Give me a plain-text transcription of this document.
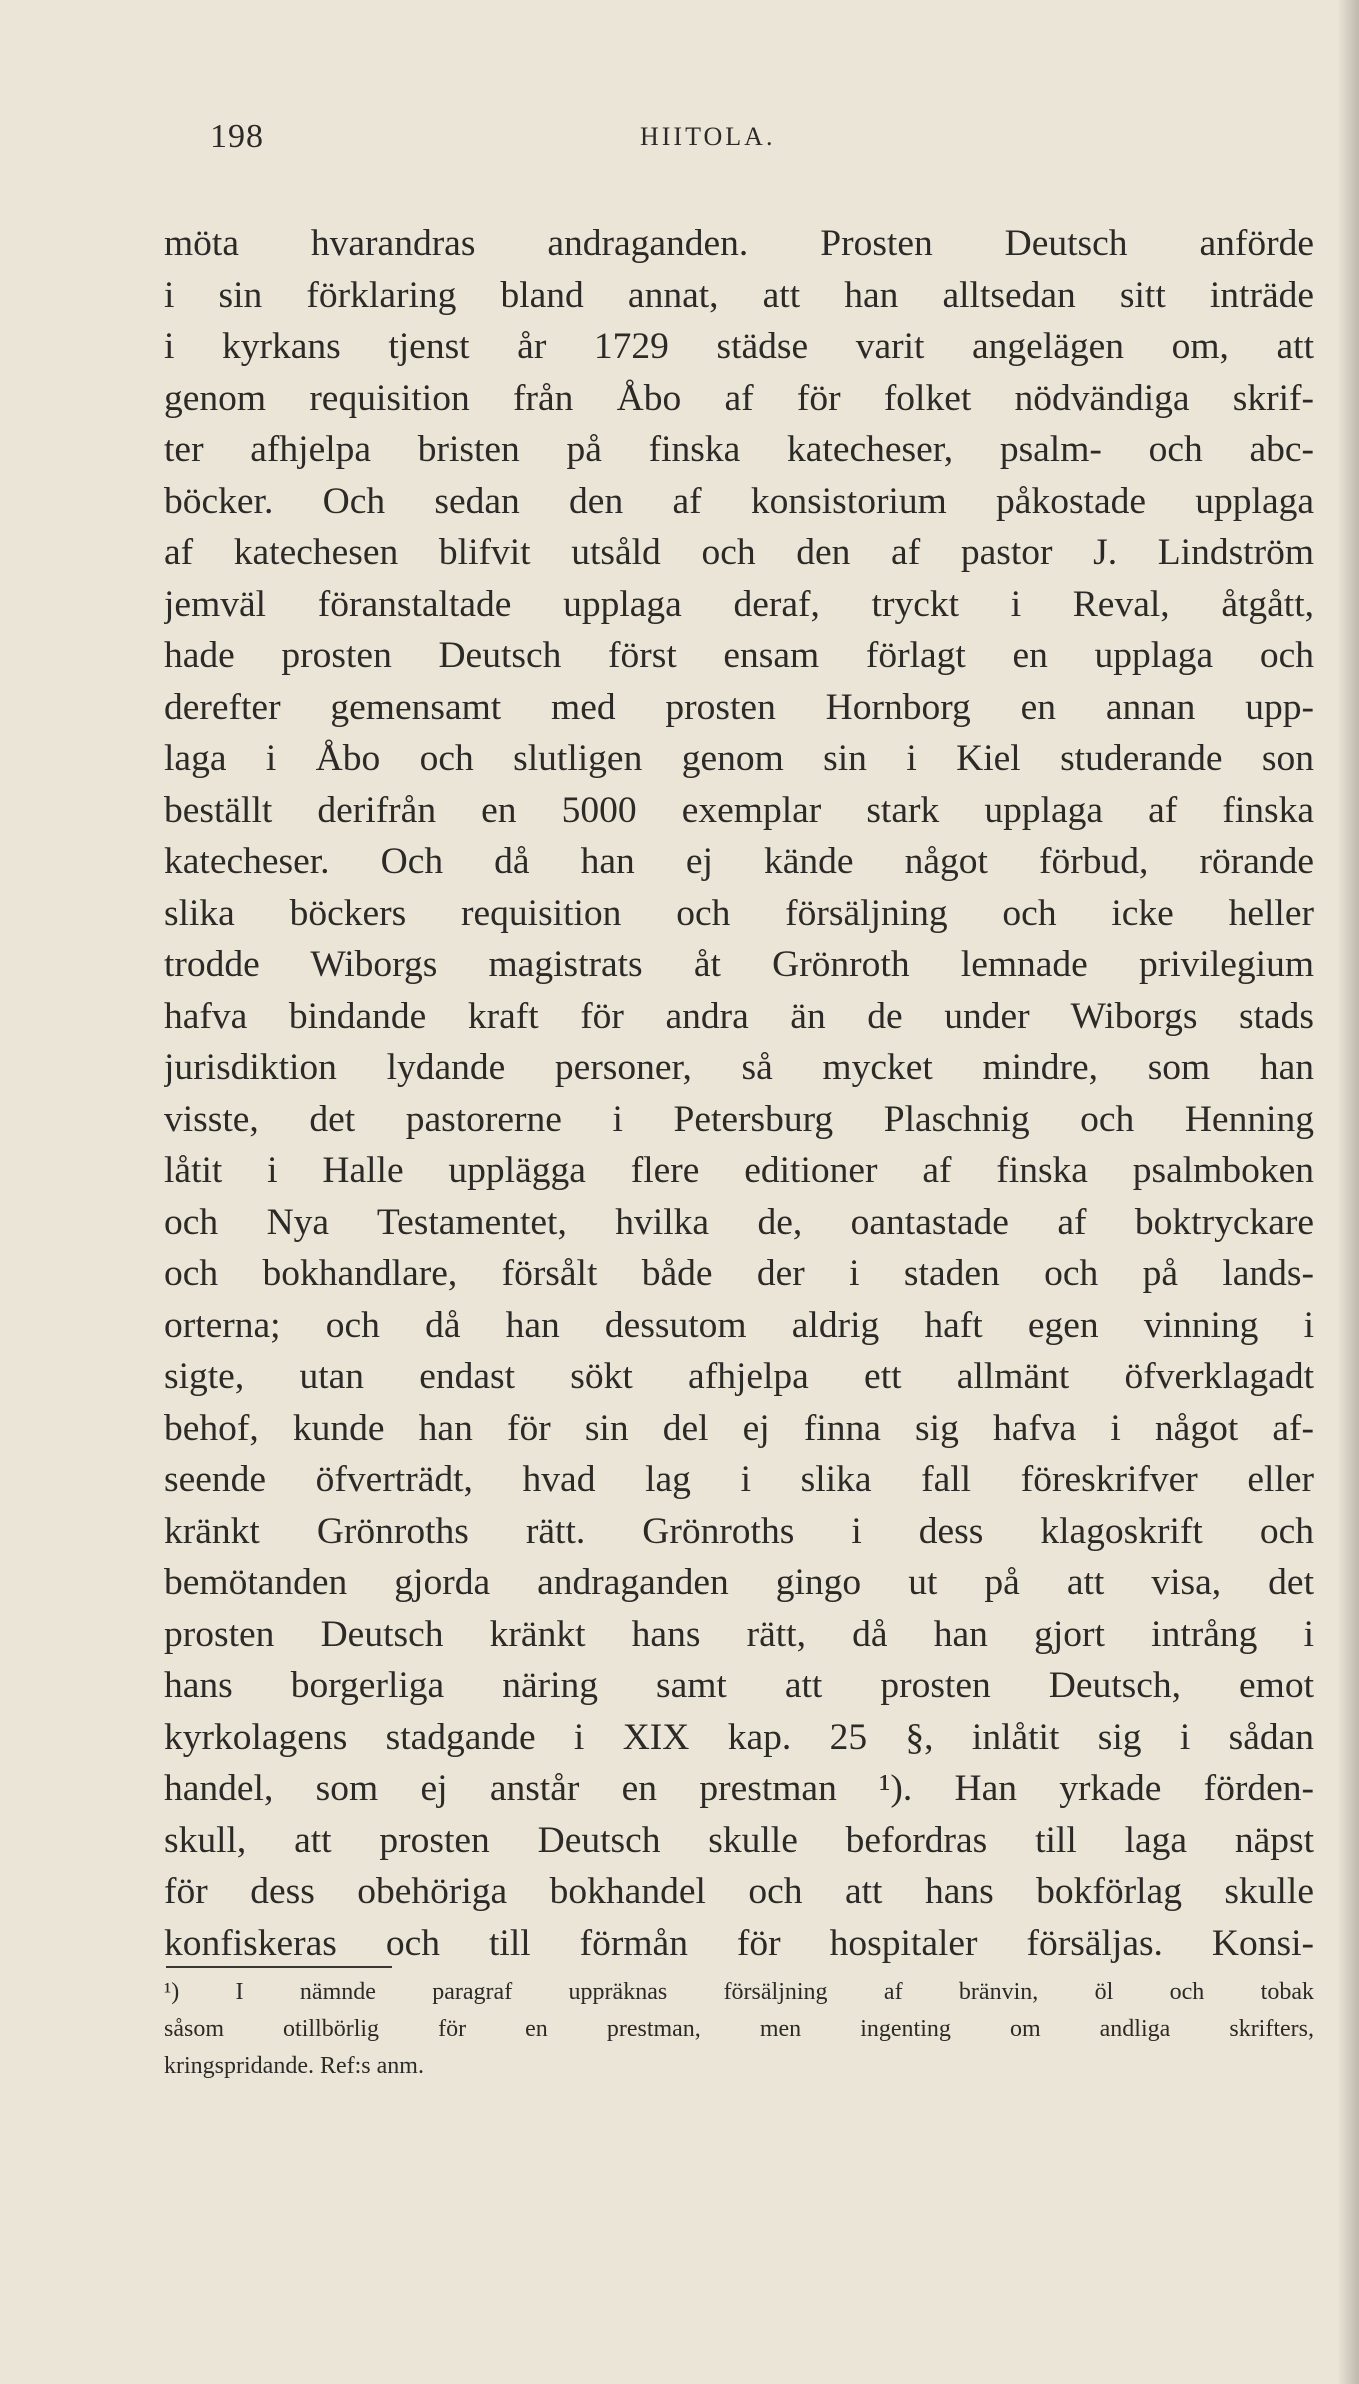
198	HIITOLA.
möta hvarandras andraganden. Prosten Deutsch anförde
i sin förklaring bland annat, att han alltsedan sitt inträde
i kyrkans tjenst år 1729 städse varit angelägen om, att
genom requisition från Åbo af för folket nödvändiga skrif-
ter afhjelpa bristen på finska katecheser, psalm- och abc-
böcker. Och sedan den af konsistorium påkostade upplaga
af katechesen blifvit utsåld och den af pastor J. Lindström
jemväl föranstaltade upplaga deraf, tryckt i Reval, åtgått,
hade prosten Deutsch först ensam förlagt en upplaga och
derefter gemensamt med prosten Hornborg en annan upp-
laga i Åbo och slutligen genom sin i Kiel studerande son
beställt derifrån en 5000 exemplar stark upplaga af finska
katecheser. Och då han ej kände något förbud, rörande
slika böckers requisition och försäljning och icke heller
trodde Wiborgs magistrats åt Grönroth lemnade privilegium
hafva bindande kraft för andra än de under Wiborgs stads
jurisdiktion lydande personer, så mycket mindre, som han
visste, det pastorerne i Petersburg Plaschnig och Henning
låtit i Halle upplägga flere editioner af finska psalmboken
och Nya Testamentet, hvilka de, oantastade af boktryckare
och bokhandlare, försålt både der i staden och på lands-
orterna; och då han dessutom aldrig haft egen vinning i
sigte, utan endast sökt afhjelpa ett allmänt öfverklagadt
behof, kunde han för sin del ej finna sig hafva i något af-
seende öfverträdt, hvad lag i slika fall föreskrifver eller
kränkt Grönroths rätt. Grönroths i dess klagoskrift och
bemötanden gjorda andraganden gingo ut på att visa, det
prosten Deutsch kränkt hans rätt, då han gjort intrång i
hans borgerliga näring samt att prosten Deutsch, emot
kyrkolagens stadgande i XIX kap. 25 §, inlåtit sig i sådan
handel, som ej anstår en prestman ¹). Han yrkade förden-
skull, att prosten Deutsch skulle befordras till laga näpst
för dess obehöriga bokhandel och att hans bokförlag skulle
konfiskeras och till förmån för hospitaler försäljas. Konsi-
¹) I nämnde paragraf uppräknas försäljning af bränvin, öl och tobak
såsom otillbörlig för en prestman, men ingenting om andliga skrifters,
kringspridande. Ref:s anm.
